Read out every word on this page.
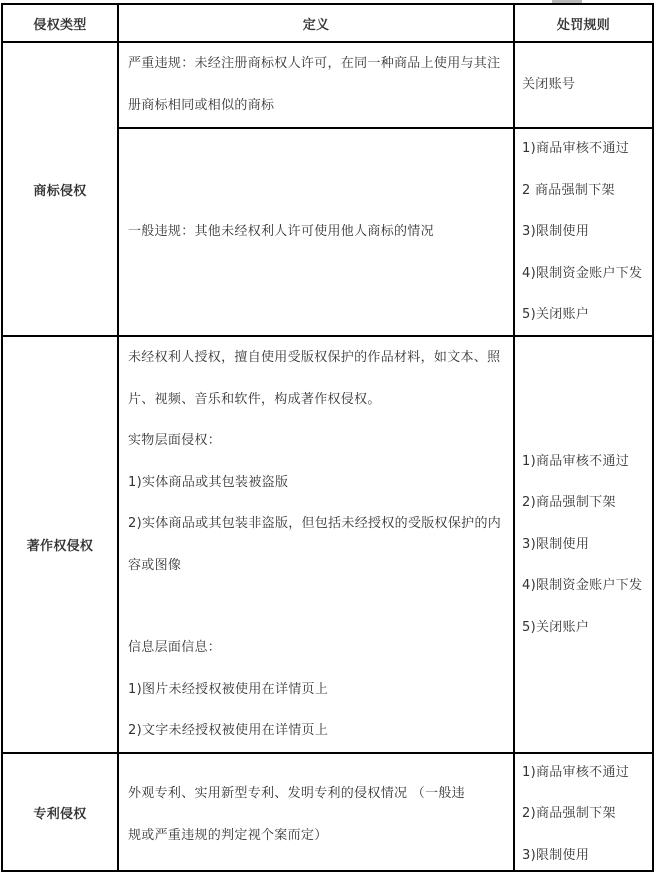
侵权类型	定义	处罚规则
商标侵权
严重违规：未经注册商标权人许可，在同一种商品上使用与其注
册商标相同或相似的商标
关闭账号
一般违规：其他未经权利人许可使用他人商标的情况
1)商品审核不通过
2 商品强制下架
3)限制使用
4)限制资金账户下发
5)关闭账户
著作权侵权
未经权利人授权，擅自使用受版权保护的作品材料，如文本、照
片、视频、音乐和软件，构成著作权侵权。
实物层面侵权：
1)实体商品或其包装被盗版
2)实体商品或其包装非盗版，但包括未经授权的受版权保护的内
容或图像
信息层面信息：
1)图片未经授权被使用在详情页上
2)文字未经授权被使用在详情页上
1)商品审核不通过
2)商品强制下架
3)限制使用
4)限制资金账户下发
5)关闭账户
专利侵权
外观专利、实用新型专利、发明专利的侵权情况 （一般违
规或严重违规的判定视个案而定）
1)商品审核不通过
2)商品强制下架
3)限制使用
